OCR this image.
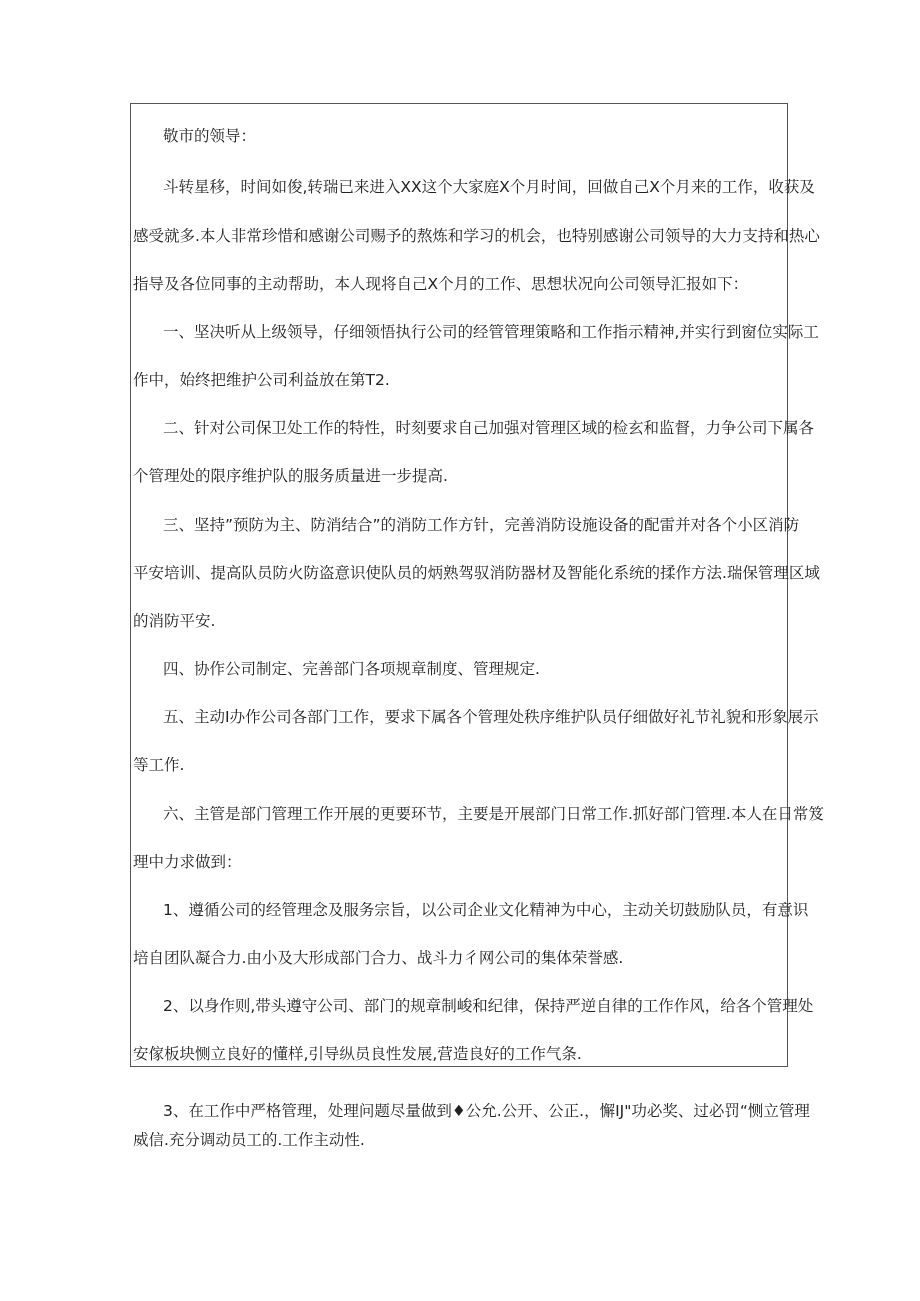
敬市的领导：

斗转星移，时间如俊,转瑞已来进入XX这个大家庭X个月时间，回做自己X个月来的工作，收获及

感受就多.本人非常珍惜和感谢公司赐予的熬炼和学习的机会，也特别感谢公司领导的大力支持和热心

指导及各位同事的主动帮助，本人现将自己X个月的工作、思想状况向公司领导汇报如下：

一、坚决听从上级领导，仔细领悟执行公司的经管管理策略和工作指示精神,并实行到窗位实际工

作中，始终把维护公司利益放在第T2.

二、针对公司保卫处工作的特性，时刻要求自己加强对管理区域的检玄和监督，力争公司下属各

个管理处的限序维护队的服务质量进一步提高.

三、坚持”预防为主、防消结合”的消防工作方针，完善消防设施设备的配雷并对各个小区消防

平安培训、提高队员防火防盗意识使队员的炳熟驾驭消防器材及智能化系统的揉作方法.瑞保管理区域

的消防平安.

四、协作公司制定、完善部门各项规章制度、管理规定.

五、主动I办作公司各部门工作，要求下属各个管理处秩序维护队员仔细做好礼节礼貌和形象展示

等工作.

六、主管是部门管理工作开展的更要环节，主要是开展部门日常工作.抓好部门管理.本人在日常笈

理中力求做到：

1、遵循公司的经管理念及服务宗旨，以公司企业文化精神为中心，主动关切鼓励队员，有意识

培自团队凝合力.由小及大形成部门合力、战斗力彳网公司的集体荣誉感.

2、以身作则,带头遵守公司、部门的规章制峻和纪律，保持严逆自律的工作作风，给各个管理处

安傢板块恻立良好的懂样,引导纵员良性发展,营造良好的工作气条.

3、在工作中严格管理，处理问题尽量做到♦公允.公开、公正.，懈IJ"功必奖、过必罚“恻立管理

威信.充分调动员工的.工作主动性.
